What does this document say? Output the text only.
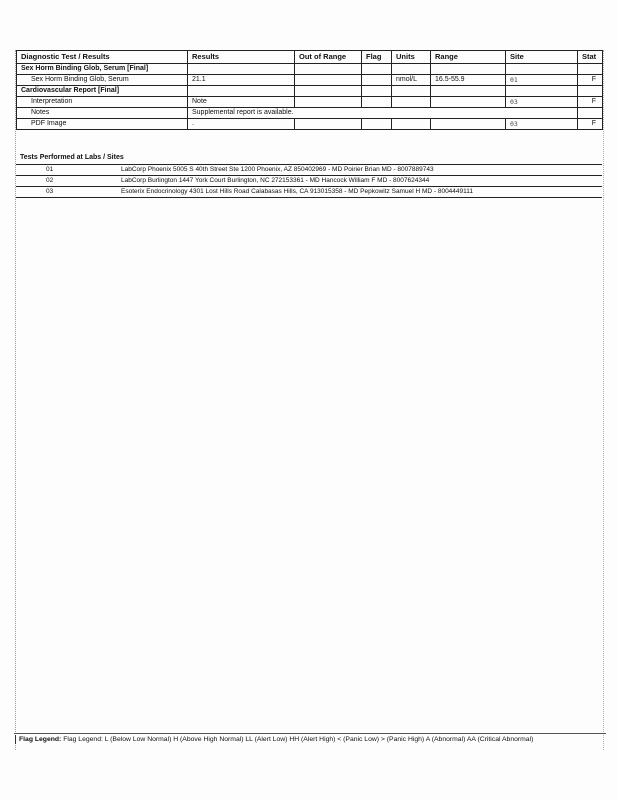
Diagnostic Test / Results	Results	Out of Range	Flag	Units	Range	Site	Stat
Sex Horm Binding Glob, Serum [Final]							
Sex Horm Binding Glob, Serum	21.1			nmol/L	16.5-55.9	01	F
Cardiovascular Report [Final]							
Interpretation	Note					03	F
Notes	Supplemental report is available.						
PDF Image	.					03	F
Tests Performed at Labs / Sites
01	LabCorp Phoenix 5005 S 40th Street Ste 1200 Phoenix, AZ 850402969 - MD Poirier Brian MD - 8007889743
02	LabCorp Burlington 1447 York Court Burlington, NC 272153361 - MD Hancock William F MD - 8007624344
03	Esoterix Endocrinology 4301 Lost Hills Road Calabasas Hills, CA 913015358 - MD Pepkowitz Samuel H MD - 8004449111
Flag Legend: Flag Legend: L (Below Low Normal) H (Above High Normal) LL (Alert Low) HH (Alert High) < (Panic Low) > (Panic High) A (Abnormal) AA (Critical Abnormal)
